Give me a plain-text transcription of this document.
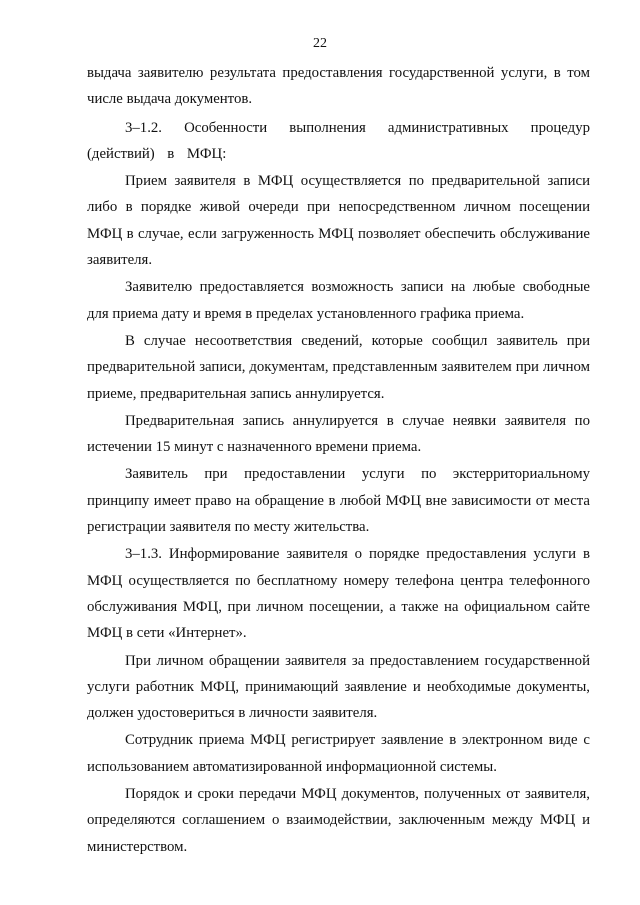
22

выдача заявителю результата предоставления государственной услуги, в том числе выдача документов.

3–1.2. Особенности выполнения административных процедур (действий) в МФЦ:

Прием заявителя в МФЦ осуществляется по предварительной записи либо в порядке живой очереди при непосредственном личном посещении МФЦ в случае, если загруженность МФЦ позволяет обеспечить обслуживание заявителя.

Заявителю предоставляется возможность записи на любые свободные для приема дату и время в пределах установленного графика приема.

В случае несоответствия сведений, которые сообщил заявитель при предварительной записи, документам, представленным заявителем при личном приеме, предварительная запись аннулируется.

Предварительная запись аннулируется в случае неявки заявителя по истечении 15 минут с назначенного времени приема.

Заявитель при предоставлении услуги по экстерриториальному принципу имеет право на обращение в любой МФЦ вне зависимости от места регистрации заявителя по месту жительства.

3–1.3. Информирование заявителя о порядке предоставления услуги в МФЦ осуществляется по бесплатному номеру телефона центра телефонного обслуживания МФЦ, при личном посещении, а также на официальном сайте МФЦ в сети «Интернет».

При личном обращении заявителя за предоставлением государственной услуги работник МФЦ, принимающий заявление и необходимые документы, должен удостовериться в личности заявителя.

Сотрудник приема МФЦ регистрирует заявление в электронном виде с использованием автоматизированной информационной системы.

Порядок и сроки передачи МФЦ документов, полученных от заявителя, определяются соглашением о взаимодействии, заключенным между МФЦ и министерством.
